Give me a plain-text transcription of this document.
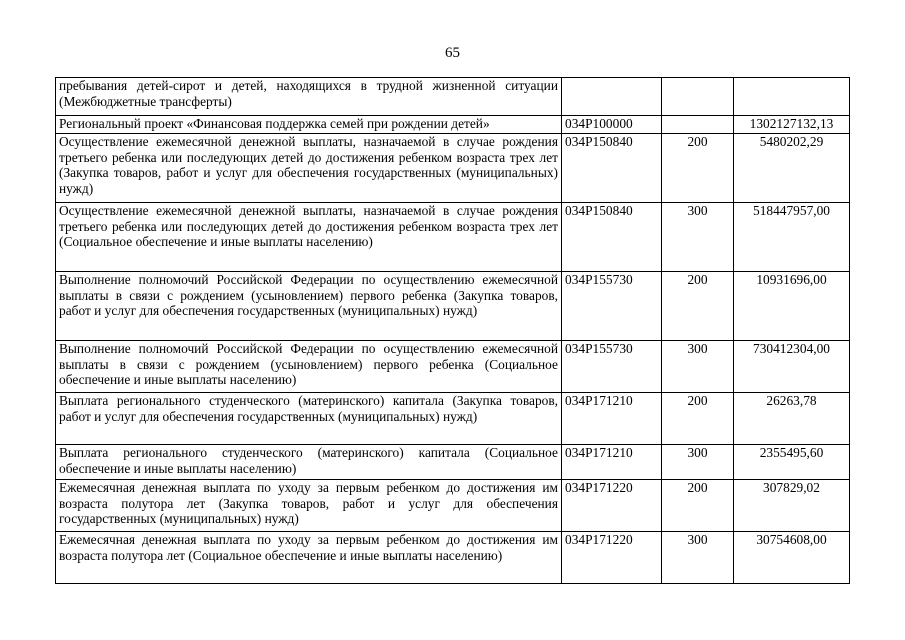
65
пребывания детей-сирот и детей, находящихся в трудной жизненной ситуации (Межбюджетные трансферты)			
Региональный проект «Финансовая поддержка семей при рождении детей»	034P100000		1302127132,13
Осуществление ежемесячной денежной выплаты, назначаемой в случае рождения третьего ребенка или последующих детей до достижения ребенком возраста трех лет (Закупка товаров, работ и услуг для обеспечения государственных (муниципальных) нужд)	034P150840	200	5480202,29
Осуществление ежемесячной денежной выплаты, назначаемой в случае рождения третьего ребенка или последующих детей до достижения ребенком возраста трех лет (Социальное обеспечение и иные выплаты населению)	034P150840	300	518447957,00
Выполнение полномочий Российской Федерации по осуществлению ежемесячной выплаты в связи с рождением (усыновлением) первого ребенка (Закупка товаров, работ и услуг для обеспечения государственных (муниципальных) нужд)	034P155730	200	10931696,00
Выполнение полномочий Российской Федерации по осуществлению ежемесячной выплаты в связи с рождением (усыновлением) первого ребенка (Социальное обеспечение и иные выплаты населению)	034P155730	300	730412304,00
Выплата регионального студенческого (материнского) капитала (Закупка товаров, работ и услуг для обеспечения государственных (муниципальных) нужд)	034P171210	200	26263,78
Выплата регионального студенческого (материнского) капитала (Социальное обеспечение и иные выплаты населению)	034P171210	300	2355495,60
Ежемесячная денежная выплата по уходу за первым ребенком до достижения им возраста полутора лет (Закупка товаров, работ и услуг для обеспечения государственных (муниципальных) нужд)	034P171220	200	307829,02
Ежемесячная денежная выплата по уходу за первым ребенком до достижения им возраста полутора лет (Социальное обеспечение и иные выплаты населению)	034P171220	300	30754608,00
